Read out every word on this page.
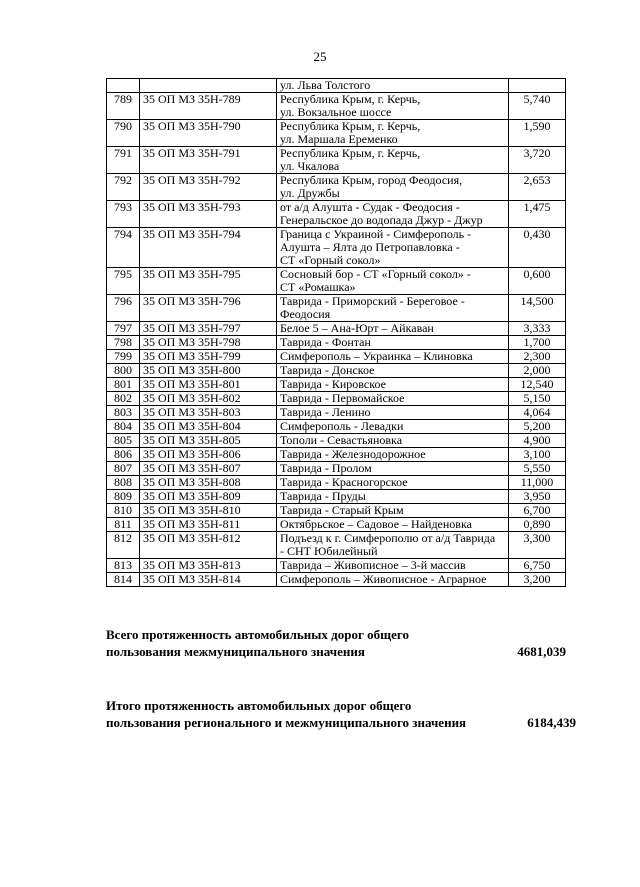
25

		ул. Льва Толстого	

789	35 ОП МЗ 35Н-789	Республика Крым, г. Керчь,
ул. Вокзальное шоссе	5,740
790	35 ОП МЗ 35Н-790	Республика Крым, г. Керчь,
ул. Маршала Еременко	1,590
791	35 ОП МЗ 35Н-791	Республика Крым, г. Керчь,
ул. Чкалова	3,720
792	35 ОП МЗ 35Н-792	Республика Крым, город Феодосия,
ул. Дружбы	2,653
793	35 ОП МЗ 35Н-793	от а/д Алушта - Судак - Феодосия -
Генеральское до водопада Джур - Джур	1,475
794	35 ОП МЗ 35Н-794	Граница с Украиной - Симферополь -
Алушта – Ялта до Петропавловка -
СТ «Горный сокол»	0,430
795	35 ОП МЗ 35Н-795	Сосновый бор - СТ «Горный сокол» -
СТ «Ромашка»	0,600
796	35 ОП МЗ 35Н-796	Таврида - Приморский - Береговое -
Феодосия	14,500
797	35 ОП МЗ 35Н-797	Белое 5 – Ана-Юрт – Айкаван	3,333
798	35 ОП МЗ 35Н-798	Таврида - Фонтан	1,700
799	35 ОП МЗ 35Н-799	Симферополь – Украинка – Клиновка	2,300
800	35 ОП МЗ 35Н-800	Таврида - Донское	2,000
801	35 ОП МЗ 35Н-801	Таврида - Кировское	12,540
802	35 ОП МЗ 35Н-802	Таврида - Первомайское	5,150
803	35 ОП МЗ 35Н-803	Таврида - Ленино	4,064
804	35 ОП МЗ 35Н-804	Симферополь - Левадки	5,200
805	35 ОП МЗ 35Н-805	Тополи - Севастьяновка	4,900
806	35 ОП МЗ 35Н-806	Таврида - Железнодорожное	3,100
807	35 ОП МЗ 35Н-807	Таврида - Пролом	5,550
808	35 ОП МЗ 35Н-808	Таврида - Красногорское	11,000
809	35 ОП МЗ 35Н-809	Таврида - Пруды	3,950
810	35 ОП МЗ 35Н-810	Таврида - Старый Крым	6,700
811	35 ОП МЗ 35Н-811	Октябрьское – Садовое – Найденовка	0,890
812	35 ОП МЗ 35Н-812	Подъезд к г. Симферополю от а/д Таврида
- СНТ Юбилейный	3,300
813	35 ОП МЗ 35Н-813	Таврида – Живописное – 3-й массив	6,750
814	35 ОП МЗ 35Н-814	Симферополь – Живописное - Аграрное	3,200
Всего протяженность автомобильных дорог общего
пользования межмуниципального значения	4681,039
Итого протяженность автомобильных дорог общего
пользования регионального и межмуниципального значения	6184,439
